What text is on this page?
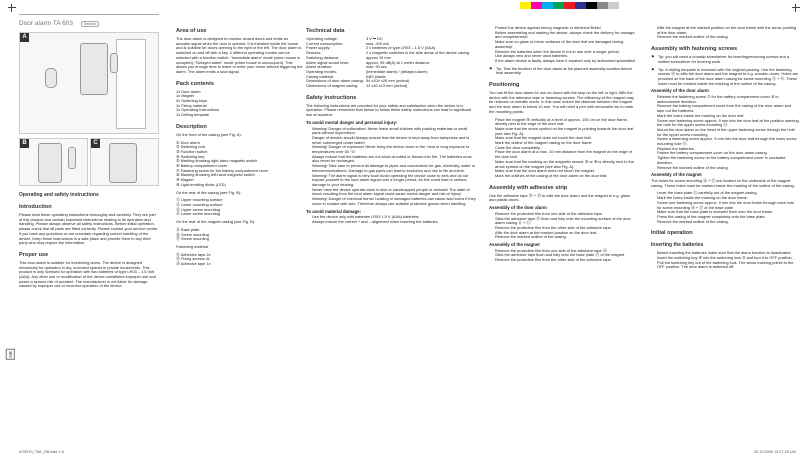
Door alarm TA 603	Deutsch
A
B	C
Operating and safety instructions
Introduction

Please read these operating instructions thoroughly and carefully. They are part of this product and contain important instructions relating to its operation and handling. Please always observe all safety instructions. Before initial operation, please check that all parts are fitted correctly. Please contact your service centre if you have any questions or are uncertain regarding correct handling of the device. Keep these instructions in a safe place and provide them to any third party who may require the information.

Proper use

This door alarm is suitable for monitoring doors. The device is designed exclusively for operation in dry, enclosed spaces in private households. This product is only licensed for operation with two batteries of type LR03 – 1.5 Volt (AAA). Any other use or modification of the device constitutes improper use and poses a serious risk of accident. The manufacturer is not liable for damage caused by improper use or incorrect operation of the device.

GB
Area of use

The door alarm is designed to monitor closed doors and emits an acoustic signal when the door is opened. It is installed inside the house and is suitable for doors opening to the right or the left. The door alarm is switched on and off with a key. 2 different operating modes can be selected with a function switch: “Immediate alarm” mode (when house is occupied); “Delayed alarm” mode (when house is unoccupied). This allows you enough time to leave or enter your home without triggering the alarm. The alarm emits a loud signal.

Pack contents
1x Door alarm
1x Magnet
2x Switching keys
1x Fixing material
1x Operating instructions
1x Drilling template
Description

On the front of the casing (see Fig. A):

① Door alarm
② Switching lock
③ Function switch
④ Switching key
⑤ Marking showing right-hand magnetic switch
⑥ Battery compartment cover
⑦ Fastening screw for the battery compartment cover
⑧ Marking showing left-hand magnetic switch
⑨ Magnet
⑩ Light-emitting diode (LED)

On the rear of the casing (see Fig. B):

⑪ Upper mounting surface
⑫ Lower mounting surface
⑬ Upper screw mounting
⑭ Lower screw mounting

On the rear of the magnet casing (see Fig. B):

⑮ Base plate
⑯ Screw mounting
⑰ Screw mounting

Fastening material

⑱ Adhesive tape 2x
⑲ Fixing screws 4x
⑳ Adhesive tape 1x
Technical data
Operating voltage:	3 V ⎓ DC
Current consumption:	max. 200 mA
Power supply:	2 x batteries of type LR03 – 1.5 V (AAA)
Sensors:	2 x magnetic switches in the side areas of the device casing
Switching distance:	approx.15 mm
Alarm signal sound level:	approx. 95 dB(A) at 1 meter distance
Alarm duration:	max. 90 sec
Operating modes:	(immediate alarm) / (delayed alarm)
Casing material:	ABS plastic
Dimensions of door alarm casing: 54 x104 x26 mm (wxhxd)
Dimensions of magnet casing:	12 x40 x13 mm (wxhxd)
Safety instructions

The following instructions are provided for your safety and satisfaction when the device is in operation. Please remember that failure to follow these safety instructions can lead to significant risk of accident.

To avoid mortal danger and personal injury:
• Warning! Danger of suffocation! Never leave small children with packing materials or small parts without supervision.
• Danger of electric shock! Always ensure that the device is kept away from dampness and is never submerged under water!
• Warning! Danger of explosion! Never bring the device close to fire, heat or long exposure to temperatures over 50 °C!
• Always ensure that the batteries are not short-circuited or thrown into fire. The batteries must also never be recharged.
• Warning! Take care to prevent all damage to pipes and connections for gas, electricity, water or telecommunications. Damage to gas pipes can lead to explosion and risk to life and limb.
• Warning! The alarm signal is very loud! Avoid operating the device close to ears and do not expose yourself to the loud alarm signal over a longer period, as this could lead to serious damage to your hearing.
• Never have the device operate close to sick or handicapped people or animals! The state of shock resulting from the loud alarm signal could cause mortal danger and risk of injury!
• Warning! Danger of chemical burns! Leaking or damaged batteries can cause acid burns if they come in contact with skin. Therefore always use suitable protective gloves when handling.
To avoid material damage:
• Use the device only with batteries LR03 1.5 V (AAA) batteries!
• Always ensure the correct + and – alignment when inserting the batteries.
• Protect the device against strong magnetic or electrical fields!
• Before assembling and starting the device, always check the delivery for damage and completeness!
• Make sure no glass or mirror surfaces of the door leaf are damaged during assembly!
• Remove the batteries when the device is not in use over a longer period.
• Use always new and never used batteries.
• If the alarm device is faulty, always have it repaired only by authorised specialists!

⚑ Tip: Test the function of the door alarm at the planned assembly location before final assembly.

Positioning

You can fit the door alarm for use on doors with the stop on the left or right. Affix the device with the adhesive tape or fastening screws. The efficiency of the magnet may be reduced on metallic doors. In this case reduce the distance between the magnet and the door alarm to below 10 mm. You will need a pen with removable ink to mark the mounting points.

• Place the magnet ⑨ vertically at a level of approx. 150 cm on the door frame, directly next to the edge of the door leaf.
• Make sure that the arrow symbol on the magnet is pointing towards the door leaf (see also Fig. A).
• Make sure that the magnet does not touch the door leaf.
• Mark the outline of the magnet casing on the door frame.
• Close the door completely.
• Place the door alarm at a max. 10 mm distance from the magnet on the edge of the door leaf.
• Make sure that the marking on the magnetic sensor ⑤ or ⑧ is directly next to the arrow symbol on the magnet (see also Fig. A).
• Make sure that the door alarm does not touch the magnet.
• Mark the outlines of the casing of the door alarm on the door leaf.
Assembly with adhesive strip

Use the adhesive tape ⑱ + ⑳ to affix the door alarm and the magnet to e.g. glass and plastic doors.

Assembly of the door alarm
• Remove the protective film from one side of the adhesive tape.
• Stick the adhesive tape ⑱ flush and fully onto the mounting surface of the door alarm casing ⑪ + ⑫.
• Remove the protective film from the other side of the adhesive tape.
• Affix the door alarm at the marked position on the door leaf.
• Remove the marked outline of the casing.
Assembly of the magnet
• Remove the protective film from one side of the adhesive tape ⑳.
• Stick the adhesive tape flush and fully onto the base plate ⑮ of the magnet.
• Remove the protective film from the other side of the adhesive tape.
• Affix the magnet at the marked position on the door frame with the arrow pointing at the door alarm.
• Remove the marked outline of the casing.
Assembly with fastening screws

⚑ Tip: you will need a crosstip screwdriver for inserting/removing screws and a slotted screwdriver for levering work.

⚑ Tip: A drilling template is enclosed with the original packing. Use the fastening screws ⑲ to affix the door alarm and the magnet to e.g. wooden doors. Holes are provided on the back of the door alarm casing for screw mounting ⑬ + ⑭. These holes must be marked inside the marking of the outline of the casing.

Assembly of the door alarm
• Release the fastening screw ⑦ for the battery compartment cover ⑥ in anticlockwise direction.
• Remove the battery compartment cover from the casing of the door alarm and take out the batteries.
• Mark the holes inside the marking on the door leaf.
• Screw one fastening screw approx. 9 mm into the door leaf at the position marking the hole for the upper screw mounting ⑬.
• Mount the door alarm on the head of the upper fastening screw through the hole for the upper screw mounting.
• Screw a fastening screw approx. 9 mm into the door leaf through the lower screw mounting hole ⑭.
• Replace the batteries.
• Fasten the battery compartment cover on the door alarm casing.
• Tighten the fastening screw on the battery compartment cover in clockwise direction.
• Remove the marked outline of the casing.
Assembly of the magnet

The holes for screw mounting ⑯ + ⑰ are located on the underside of the magnet casing. These holes must be marked inside the marking of the outline of the casing.

• Lever the base plate ⑮ carefully out of the magnet casing.
• Mark the holes inside the marking on the door frame.
• Screw one fastening screw approx. 9 mm into the door frame through each hole for screw mounting ⑯ + ⑰ of the base plate.
• Make sure that the base plate is screwed flush onto the door frame.
• Press the casing of the magnet completely onto the base plate.
• Remove the marked outline of the casing.
Initial operation
Inserting the batteries
• Before inserting the batteries make sure that the alarm function is deactivated.
• Insert the switching key ④ into the switching lock ② and turn it to OFF position.
• Pull the switching key out of the switching lock. The arrow marking points to the OFF position. The door alarm is switched off.
KOEHO_TA6_GB.indd 1-5	25.10.2006 13:27:20 Uhr
